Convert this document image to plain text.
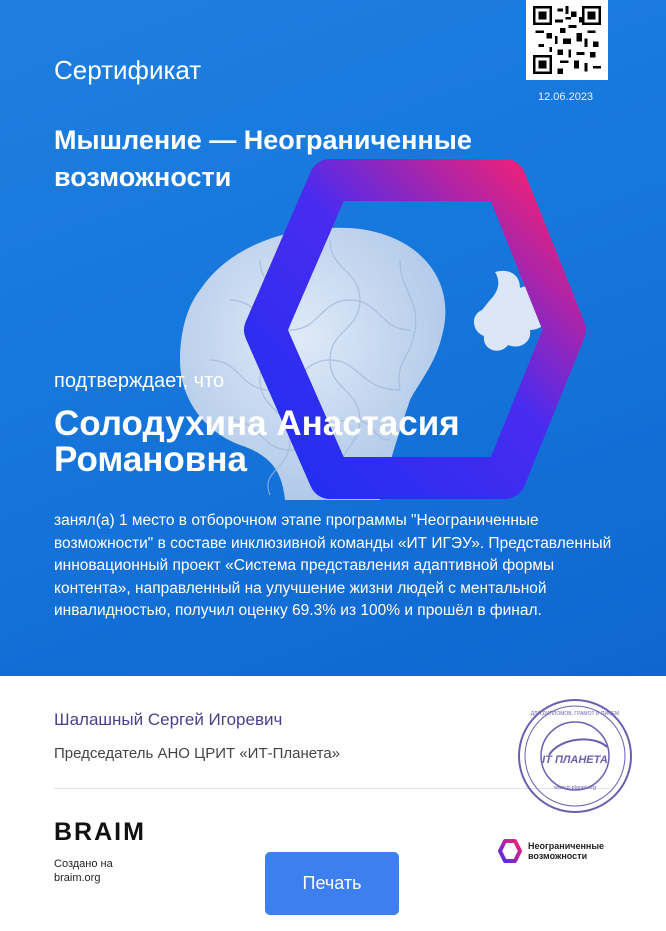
Сертификат
12.06.2023
Мышление — Неограниченные возможности
подтверждает, что
Солодухина Анастасия Романовна
занял(а) 1 место в отборочном этапе программы "Неограниченные возможности" в составе инклюзивной команды «ИТ ИГЭУ». Представленный инновационный проект «Система представления адаптивной формы контента», направленный на улучшение жизни людей с ментальной инвалидностью, получил оценку 69.3% из 100% и прошёл в финал.
Шалашный Сергей Игоревич
Председатель АНО ЦРИТ «ИТ-Планета»	IT ПЛАНЕТА
www.it-planet.org
ДЛЯ ДИПЛОМОВ, ГРАМОТ И ПИСЕМ
BRAIM
Создано на
braim.org	Печать
Неограниченные
возможности
